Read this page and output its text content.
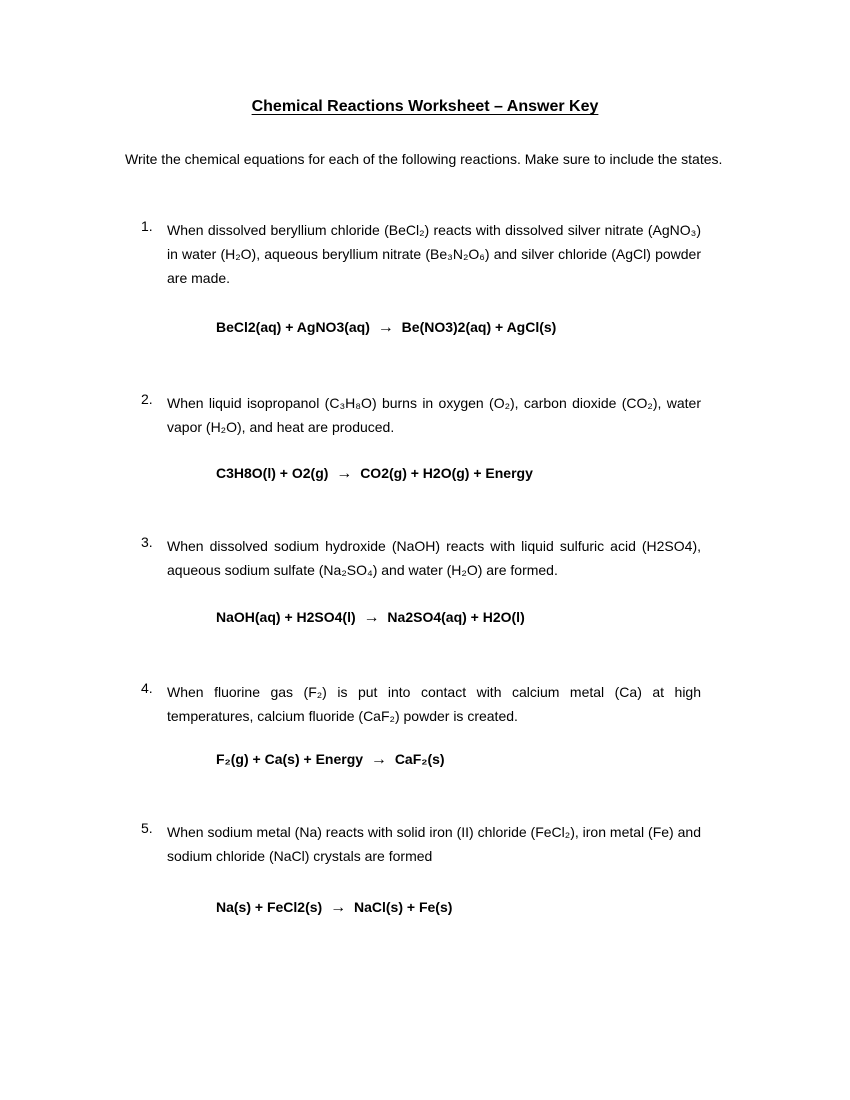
Chemical Reactions Worksheet – Answer Key

Write the chemical equations for each of the following reactions. Make sure to include the states.

1. When dissolved beryllium chloride (BeCl₂) reacts with dissolved silver nitrate (AgNO₃) in water (H₂O), aqueous beryllium nitrate (Be₃N₂O₆) and silver chloride (AgCl) powder are made.
BeCl2(aq) + AgNO3(aq) → Be(NO3)2(aq) + AgCl(s)
2. When liquid isopropanol (C₃H₈O) burns in oxygen (O₂), carbon dioxide (CO₂), water vapor (H₂O), and heat are produced.
C3H8O(l) + O2(g) → CO2(g) + H2O(g) + Energy
3. When dissolved sodium hydroxide (NaOH) reacts with liquid sulfuric acid (H2SO4), aqueous sodium sulfate (Na₂SO₄) and water (H₂O) are formed.
NaOH(aq) + H2SO4(l) → Na2SO4(aq) + H2O(l)
4. When fluorine gas (F₂) is put into contact with calcium metal (Ca) at high temperatures, calcium fluoride (CaF₂) powder is created.
F₂(g) + Ca(s) + Energy → CaF₂(s)
5. When sodium metal (Na) reacts with solid iron (II) chloride (FeCl₂), iron metal (Fe) and sodium chloride (NaCl) crystals are formed
Na(s) + FeCl2(s) → NaCl(s) + Fe(s)
